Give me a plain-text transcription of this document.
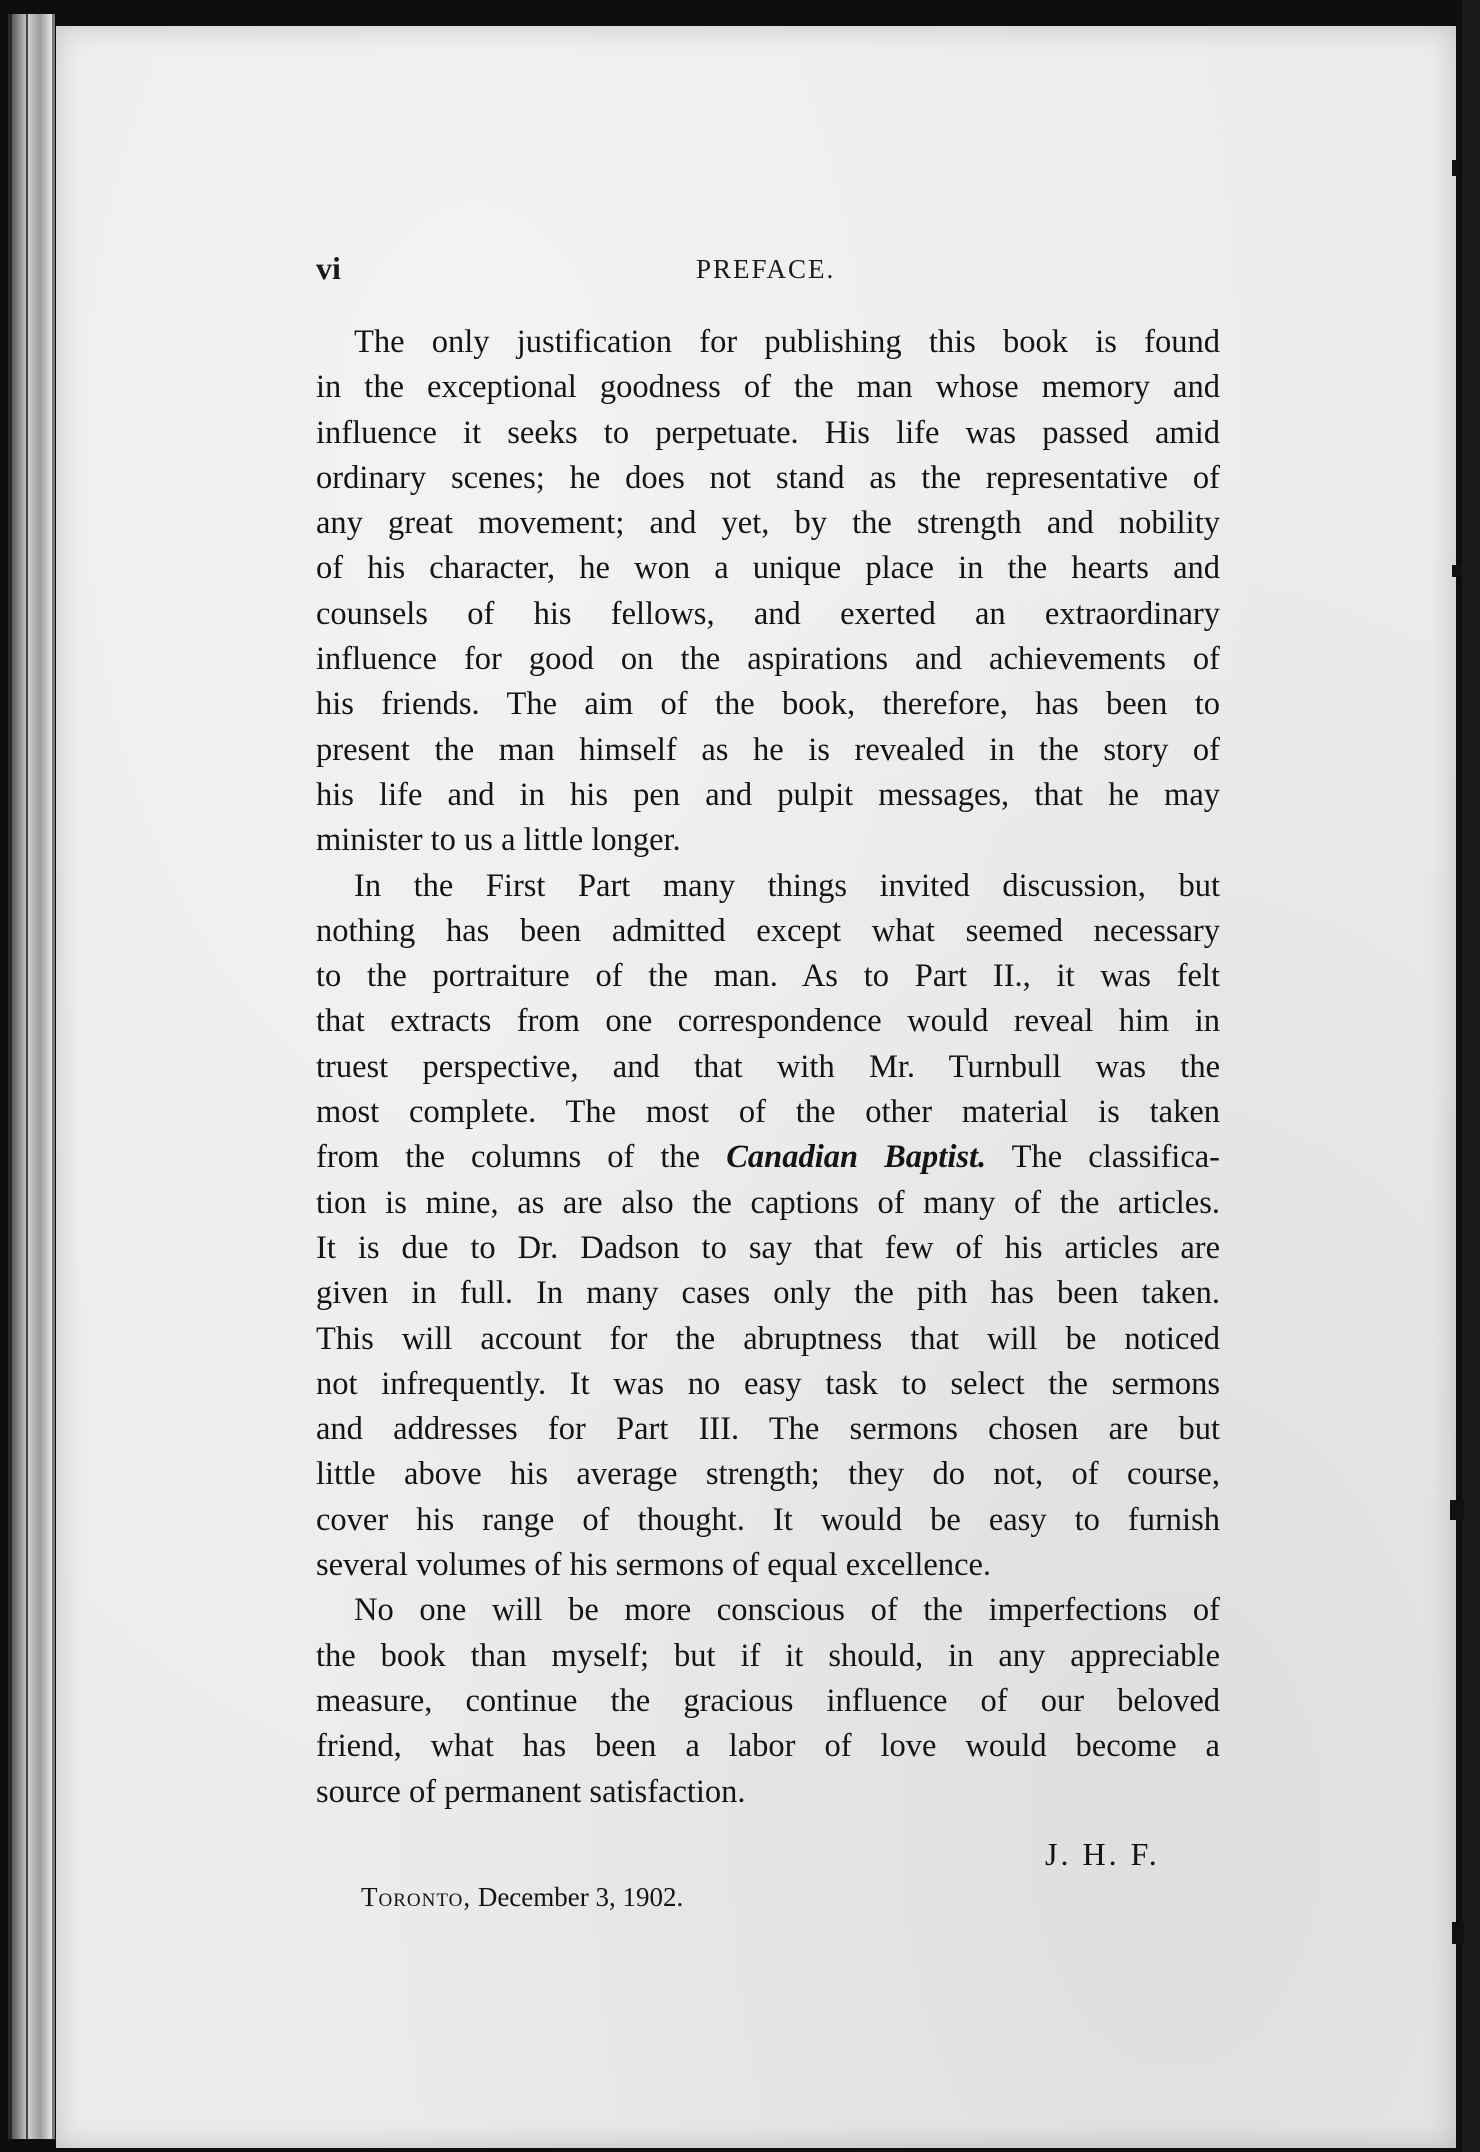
vi	PREFACE.
The only justification for publishing this book is found
in the exceptional goodness of the man whose memory and
influence it seeks to perpetuate. His life was passed amid
ordinary scenes; he does not stand as the representative of
any great movement; and yet, by the strength and nobility
of his character, he won a unique place in the hearts and
counsels of his fellows, and exerted an extraordinary
influence for good on the aspirations and achievements of
his friends. The aim of the book, therefore, has been to
present the man himself as he is revealed in the story of
his life and in his pen and pulpit messages, that he may
minister to us a little longer.
In the First Part many things invited discussion, but
nothing has been admitted except what seemed necessary
to the portraiture of the man. As to Part II., it was felt
that extracts from one correspondence would reveal him in
truest perspective, and that with Mr. Turnbull was the
most complete. The most of the other material is taken
from the columns of the Canadian Baptist. The classifica-
tion is mine, as are also the captions of many of the articles.
It is due to Dr. Dadson to say that few of his articles are
given in full. In many cases only the pith has been taken.
This will account for the abruptness that will be noticed
not infrequently. It was no easy task to select the sermons
and addresses for Part III. The sermons chosen are but
little above his average strength; they do not, of course,
cover his range of thought. It would be easy to furnish
several volumes of his sermons of equal excellence.
No one will be more conscious of the imperfections of
the book than myself; but if it should, in any appreciable
measure, continue the gracious influence of our beloved
friend, what has been a labor of love would become a
source of permanent satisfaction.
J. H. F.
Toronto, December 3, 1902.
